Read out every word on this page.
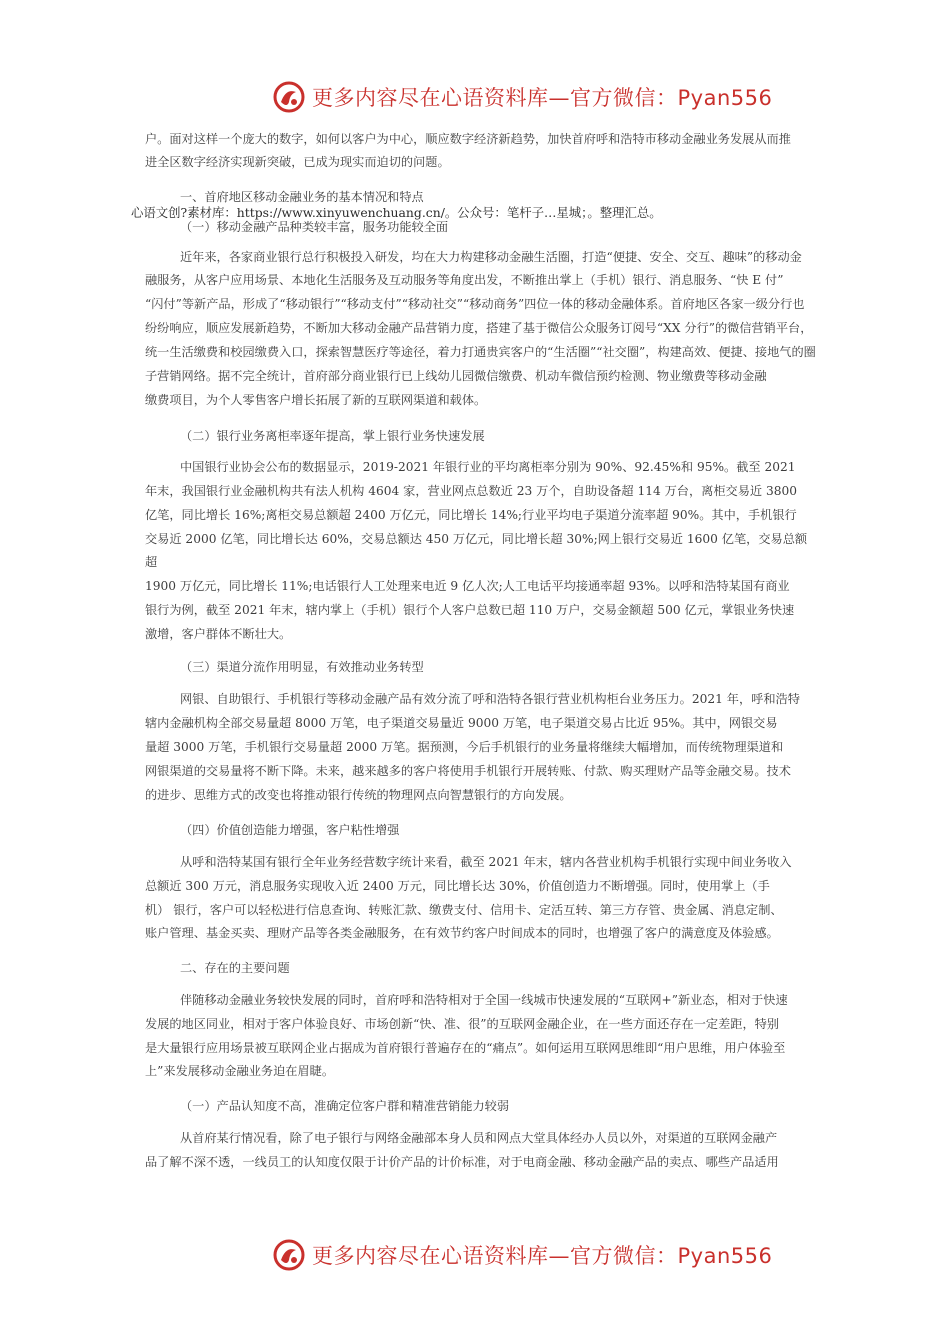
更多内容尽在心语资料库—官方微信：Pyan556
户。面对这样一个庞大的数字，如何以客户为中心，顺应数字经济新趋势，加快首府呼和浩特市移动金融业务发展从而推
进全区数字经济实现新突破，已成为现实而迫切的问题。
一、首府地区移动金融业务的基本情况和特点
心语文创?素材库：https://www.xinyuwenchuang.cn/。公众号：笔杆子…星城；。整理汇总。
（一）移动金融产品种类较丰富，服务功能较全面
近年来，各家商业银行总行积极投入研发，均在大力构建移动金融生活圈，打造“便捷、安全、交互、趣味”的移动金
融服务，从客户应用场景、本地化生活服务及互动服务等角度出发，不断推出掌上（手机）银行、消息服务、“快 E 付”
“闪付”等新产品，形成了“移动银行”“移动支付”“移动社交”“移动商务”四位一体的移动金融体系。首府地区各家一级分行也
纷纷响应，顺应发展新趋势，不断加大移动金融产品营销力度，搭建了基于微信公众服务订阅号“XX 分行”的微信营销平台，
统一生活缴费和校园缴费入口，探索智慧医疗等途径，着力打通贵宾客户的“生活圈”“社交圈”，构建高效、便捷、接地气的圈
子营销网络。据不完全统计，首府部分商业银行已上线幼儿园微信缴费、机动车微信预约检测、物业缴费等移动金融
缴费项目，为个人零售客户增长拓展了新的互联网渠道和载体。
（二）银行业务离柜率逐年提高，掌上银行业务快速发展
中国银行业协会公布的数据显示，2019-2021 年银行业的平均离柜率分别为 90%、92.45%和 95%。截至 2021
年末，我国银行业金融机构共有法人机构 4604 家，营业网点总数近 23 万个，自助设备超 114 万台，离柜交易近 3800
亿笔，同比增长 16%;离柜交易总额超 2400 万亿元，同比增长 14%;行业平均电子渠道分流率超 90%。其中，手机银行
交易近 2000 亿笔，同比增长达 60%，交易总额达 450 万亿元，同比增长超 30%;网上银行交易近 1600 亿笔，交易总额
超
1900 万亿元，同比增长 11%;电话银行人工处理来电近 9 亿人次;人工电话平均接通率超 93%。以呼和浩特某国有商业
银行为例，截至 2021 年末，辖内掌上（手机）银行个人客户总数已超 110 万户，交易金额超 500 亿元，掌银业务快速
激增，客户群体不断壮大。
（三）渠道分流作用明显，有效推动业务转型
网银、自助银行、手机银行等移动金融产品有效分流了呼和浩特各银行营业机构柜台业务压力。2021 年，呼和浩特
辖内金融机构全部交易量超 8000 万笔，电子渠道交易量近 9000 万笔，电子渠道交易占比近 95%。其中，网银交易
量超 3000 万笔，手机银行交易量超 2000 万笔。据预测，今后手机银行的业务量将继续大幅增加，而传统物理渠道和
网银渠道的交易量将不断下降。未来，越来越多的客户将使用手机银行开展转账、付款、购买理财产品等金融交易。技术
的进步、思维方式的改变也将推动银行传统的物理网点向智慧银行的方向发展。
（四）价值创造能力增强，客户粘性增强
从呼和浩特某国有银行全年业务经营数字统计来看，截至 2021 年末，辖内各营业机构手机银行实现中间业务收入
总额近 300 万元，消息服务实现收入近 2400 万元，同比增长达 30%，价值创造力不断增强。同时，使用掌上（手
机） 银行，客户可以轻松进行信息查询、转账汇款、缴费支付、信用卡、定活互转、第三方存管、贵金属、消息定制、
账户管理、基金买卖、理财产品等各类金融服务，在有效节约客户时间成本的同时，也增强了客户的满意度及体验感。
二、存在的主要问题
伴随移动金融业务较快发展的同时，首府呼和浩特相对于全国一线城市快速发展的“互联网+”新业态，相对于快速
发展的地区同业，相对于客户体验良好、市场创新“快、准、很”的互联网金融企业，在一些方面还存在一定差距，特别
是大量银行应用场景被互联网企业占据成为首府银行普遍存在的“痛点”。如何运用互联网思维即“用户思维，用户体验至
上”来发展移动金融业务迫在眉睫。
（一）产品认知度不高，准确定位客户群和精准营销能力较弱
从首府某行情况看，除了电子银行与网络金融部本身人员和网点大堂具体经办人员以外，对渠道的互联网金融产
品了解不深不透，一线员工的认知度仅限于计价产品的计价标准，对于电商金融、移动金融产品的卖点、哪些产品适用
更多内容尽在心语资料库—官方微信：Pyan556
